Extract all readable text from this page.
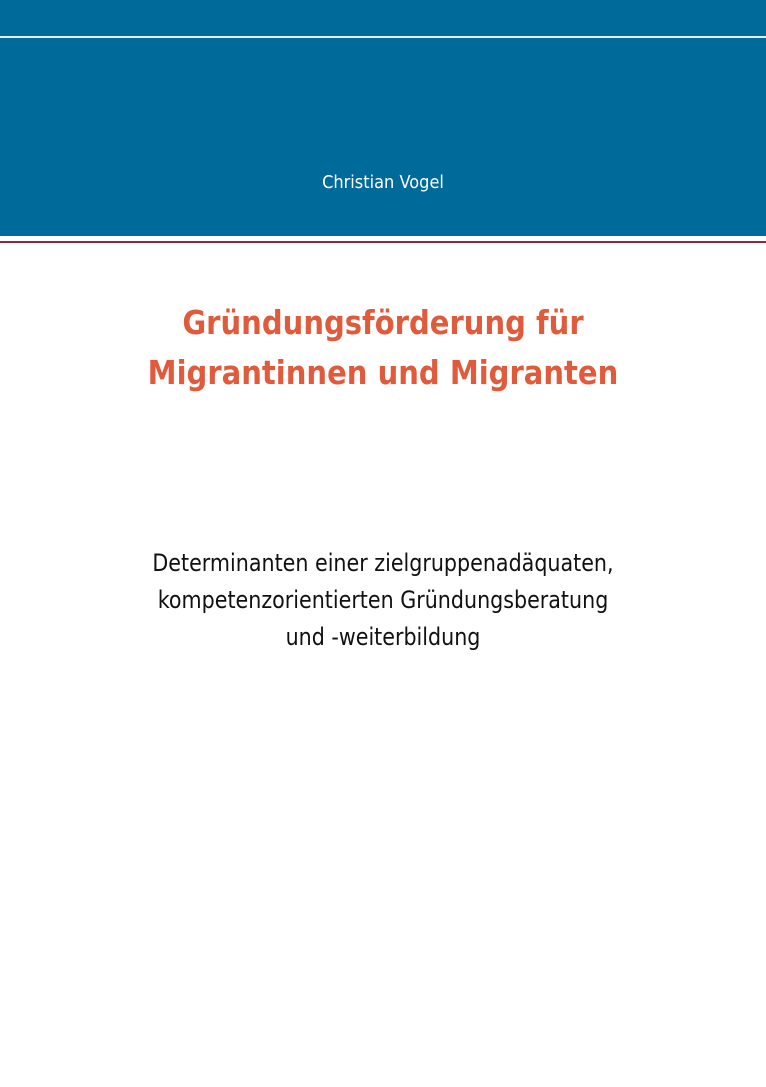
Christian Vogel
Gründungsförderung für
Migrantinnen und Migranten
Determinanten einer zielgruppenadäquaten,
kompetenzorientierten Gründungsberatung
und -weiterbildung
